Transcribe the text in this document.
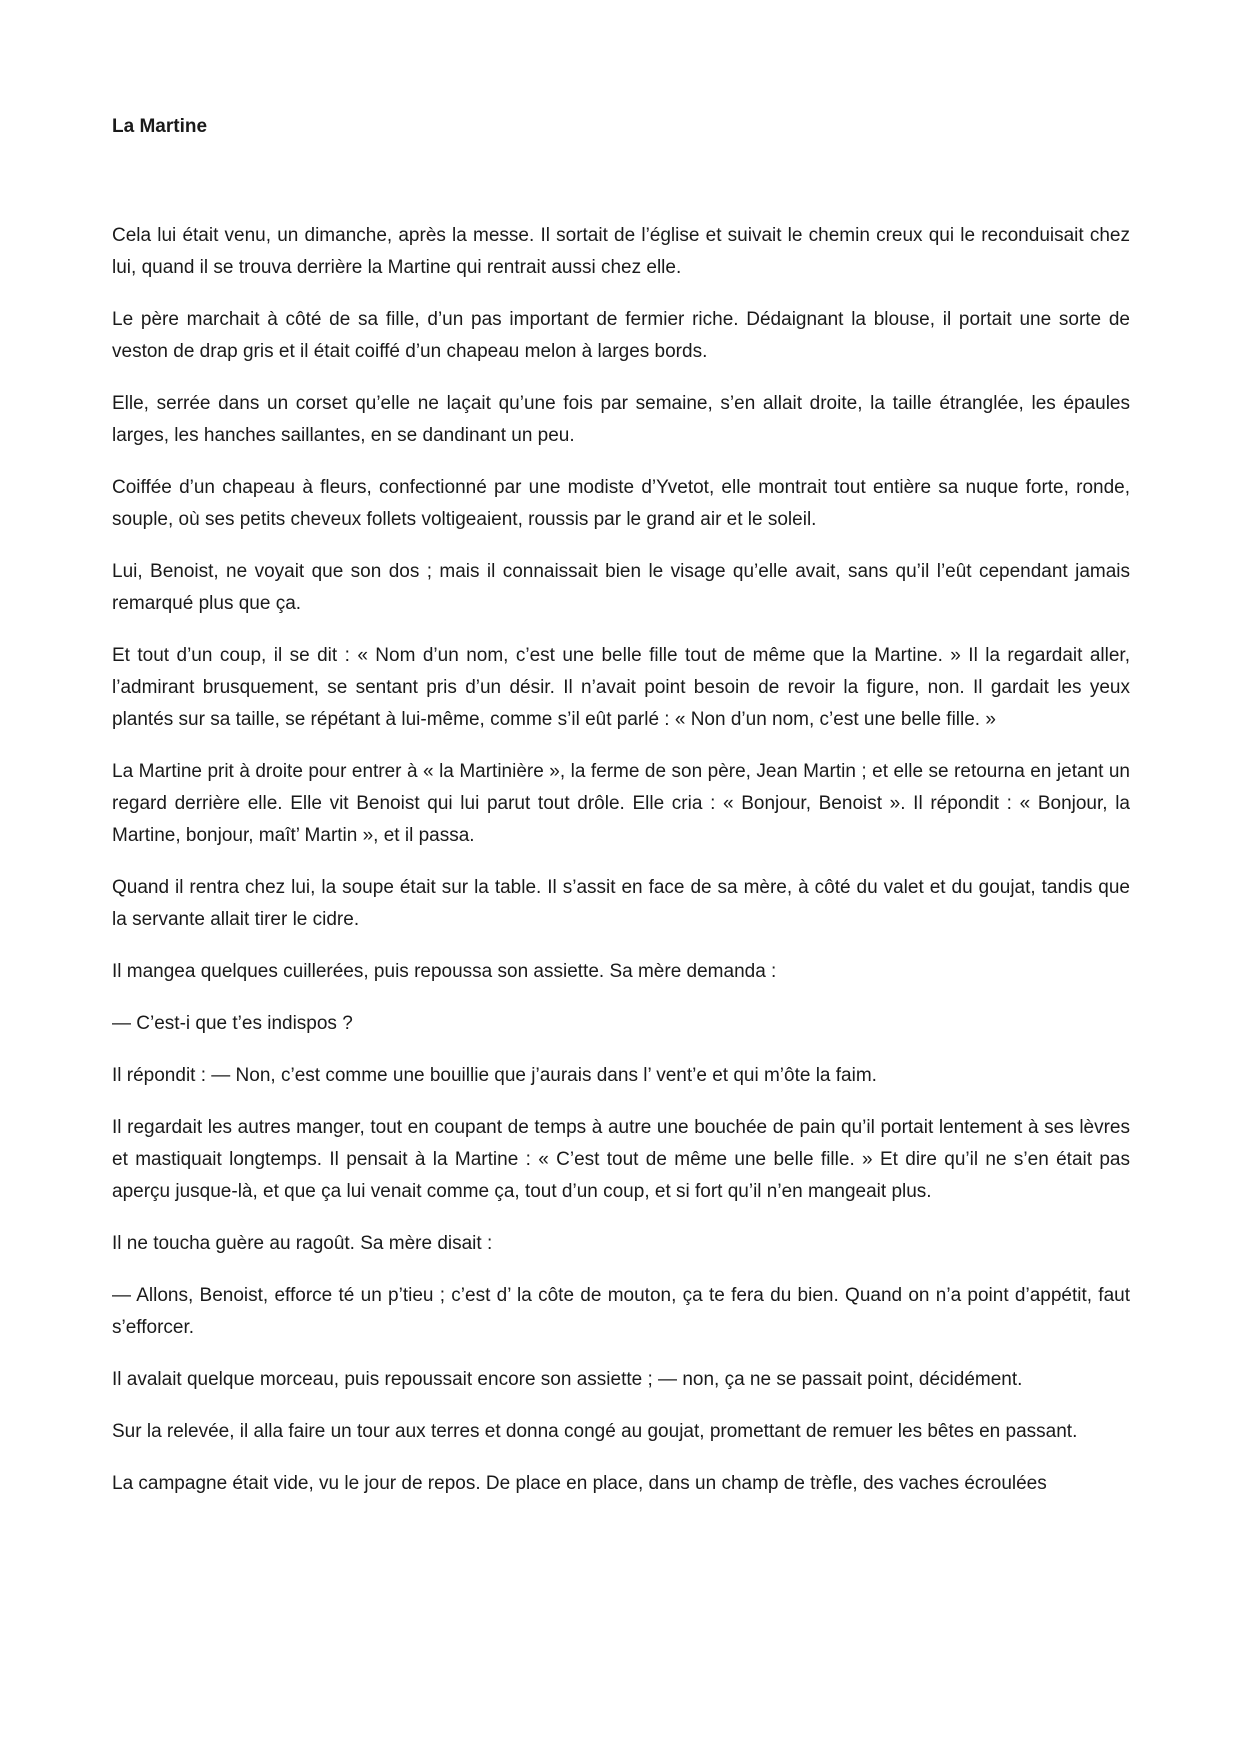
La Martine

Cela lui était venu, un dimanche, après la messe. Il sortait de l’église et suivait le chemin creux qui le reconduisait chez lui, quand il se trouva derrière la Martine qui rentrait aussi chez elle.

Le père marchait à côté de sa fille, d’un pas important de fermier riche. Dédaignant la blouse, il portait une sorte de veston de drap gris et il était coiffé d’un chapeau melon à larges bords.

Elle, serrée dans un corset qu’elle ne laçait qu’une fois par semaine, s’en allait droite, la taille étranglée, les épaules larges, les hanches saillantes, en se dandinant un peu.

Coiffée d’un chapeau à fleurs, confectionné par une modiste d’Yvetot, elle montrait tout entière sa nuque forte, ronde, souple, où ses petits cheveux follets voltigeaient, roussis par le grand air et le soleil.

Lui, Benoist, ne voyait que son dos ; mais il connaissait bien le visage qu’elle avait, sans qu’il l’eût cependant jamais remarqué plus que ça.

Et tout d’un coup, il se dit : « Nom d’un nom, c’est une belle fille tout de même que la Martine. » Il la regardait aller, l’admirant brusquement, se sentant pris d’un désir. Il n’avait point besoin de revoir la figure, non. Il gardait les yeux plantés sur sa taille, se répétant à lui-même, comme s’il eût parlé : « Non d’un nom, c’est une belle fille. »

La Martine prit à droite pour entrer à « la Martinière », la ferme de son père, Jean Martin ; et elle se retourna en jetant un regard derrière elle. Elle vit Benoist qui lui parut tout drôle. Elle cria : « Bonjour, Benoist ». Il répondit : « Bonjour, la Martine, bonjour, maît’ Martin », et il passa.

Quand il rentra chez lui, la soupe était sur la table. Il s’assit en face de sa mère, à côté du valet et du goujat, tandis que la servante allait tirer le cidre.

Il mangea quelques cuillerées, puis repoussa son assiette. Sa mère demanda :

— C’est-i que t’es indispos ?

Il répondit : — Non, c’est comme une bouillie que j’aurais dans l’ vent’e et qui m’ôte la faim.

Il regardait les autres manger, tout en coupant de temps à autre une bouchée de pain qu’il portait lentement à ses lèvres et mastiquait longtemps. Il pensait à la Martine : « C’est tout de même une belle fille. » Et dire qu’il ne s’en était pas aperçu jusque-là, et que ça lui venait comme ça, tout d’un coup, et si fort qu’il n’en mangeait plus.

Il ne toucha guère au ragoût. Sa mère disait :

— Allons, Benoist, efforce té un p’tieu ; c’est d’ la côte de mouton, ça te fera du bien. Quand on n’a point d’appétit, faut s’efforcer.

Il avalait quelque morceau, puis repoussait encore son assiette ; — non, ça ne se passait point, décidément.

Sur la relevée, il alla faire un tour aux terres et donna congé au goujat, promettant de remuer les bêtes en passant.

La campagne était vide, vu le jour de repos. De place en place, dans un champ de trèfle, des vaches écroulées
